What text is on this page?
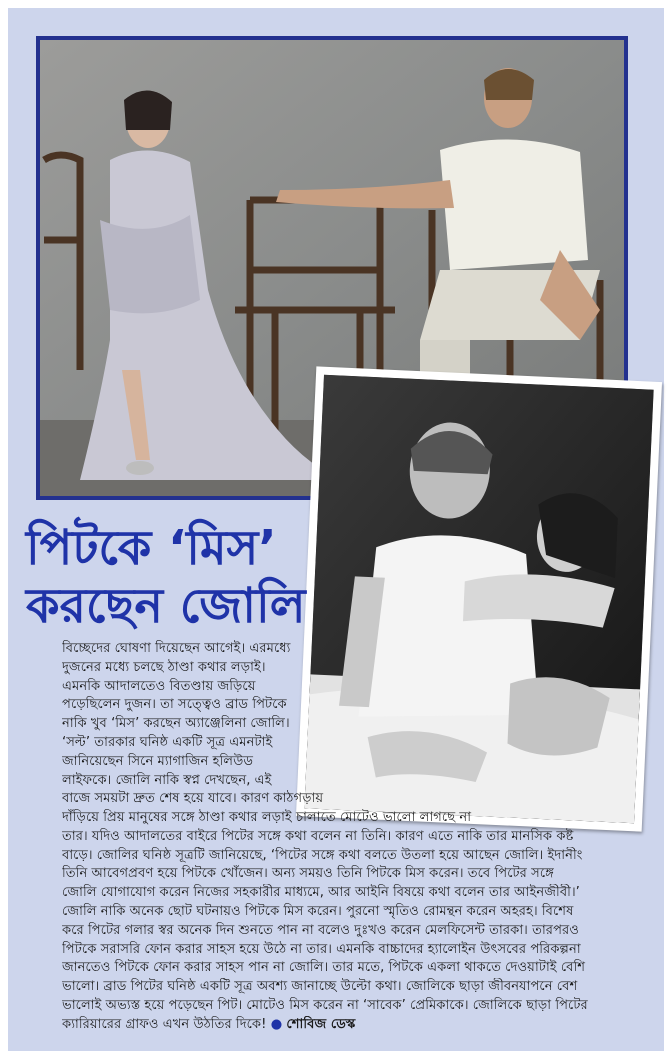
পিটকে ‘মিস’
করছেন জোলি
বিচ্ছেদের ঘোষণা দিয়েছেন আগেই। এরমধ্যে
দুজনের মধ্যে চলছে ঠাণ্ডা কথার লড়াই।
এমনকি আদালতেও বিতণ্ডায় জড়িয়ে
পড়েছিলেন দুজন। তা সত্ত্বেও ব্রাড পিটকে
নাকি খুব ‘মিস’ করছেন অ্যাঞ্জেলিনা জোলি।
‘সল্ট’ তারকার ঘনিষ্ঠ একটি সূত্র এমনটাই
জানিয়েছেন সিনে ম্যাগাজিন হলিউড
লাইফকে। জোলি নাকি স্বপ্ন দেখছেন, এই
বাজে সময়টা দ্রুত শেষ হয়ে যাবে। কারণ কাঠগড়ায়
দাঁড়িয়ে প্রিয় মানুষের সঙ্গে ঠাণ্ডা কথার লড়াই চালাতে মোটেও ভালো লাগছে না
তার। যদিও আদালতের বাইরে পিটের সঙ্গে কথা বলেন না তিনি। কারণ এতে নাকি তার মানসিক কষ্ট
বাড়ে। জোলির ঘনিষ্ঠ সূত্রটি জানিয়েছে, ‘পিটের সঙ্গে কথা বলতে উতলা হয়ে আছেন জোলি। ইদানীং
তিনি আবেগপ্রবণ হয়ে পিটকে খোঁজেন। অন্য সময়ও তিনি পিটকে মিস করেন। তবে পিটের সঙ্গে
জোলি যোগাযোগ করেন নিজের সহকারীর মাধ্যমে, আর আইনি বিষয়ে কথা বলেন তার আইনজীবী।’
জোলি নাকি অনেক ছোট ঘটনায়ও পিটকে মিস করেন। পুরনো স্মৃতিও রোমন্থন করেন অহরহ। বিশেষ
করে পিটের গলার স্বর অনেক দিন শুনতে পান না বলেও দুঃখও করেন মেলফিসেন্ট তারকা। তারপরও
পিটকে সরাসরি ফোন করার সাহস হয়ে উঠে না তার। এমনকি বাচ্চাদের হ্যালোইন উৎসবের পরিকল্পনা
জানতেও পিটকে ফোন করার সাহস পান না জোলি। তার মতে, পিটকে একলা থাকতে দেওয়াটাই বেশি
ভালো। ব্রাড পিটের ঘনিষ্ঠ একটি সূত্র অবশ্য জানাচ্ছে উল্টো কথা। জোলিকে ছাড়া জীবনযাপনে বেশ
ভালোই অভ্যস্ত হয়ে পড়েছেন পিট। মোটেও মিস করেন না ‘সাবেক’ প্রেমিকাকে। জোলিকে ছাড়া পিটের
ক্যারিয়ারের গ্রাফও এখন উঠতির দিকে! ● শোবিজ ডেস্ক
